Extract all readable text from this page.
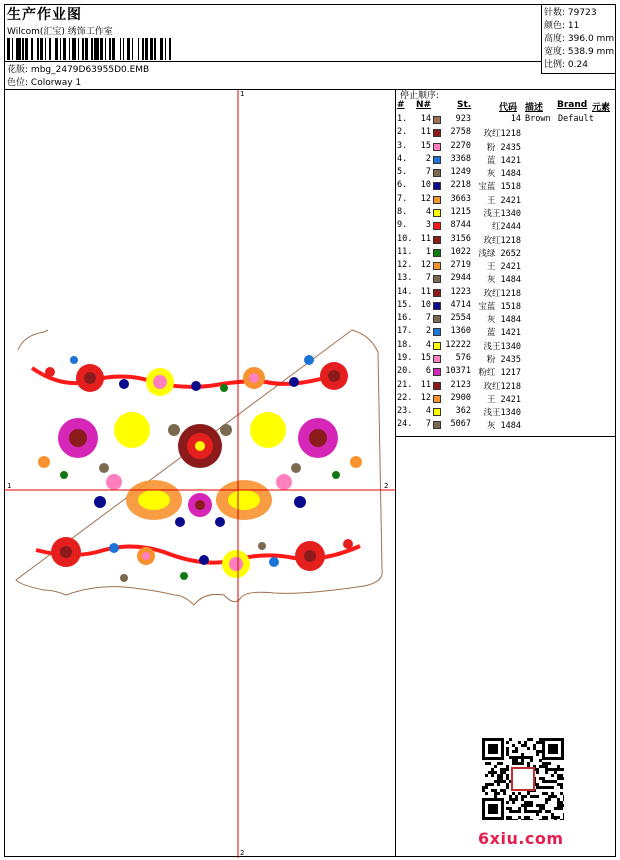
生产作业图
Wilcom(汇宝) 绣饰工作室
花版: mbg_2479D63955D0.EMB
色位: Colorway 1
针数: 79723
颜色: 11
高度: 396.0 mm
宽度: 538.9 mm
比例: 0.24
1
1	2
2
停止顺序:
# N#	St.	代码 描述 Brand 元素
1.	14	923	14 Brown Default
2.	11	2758	玫红1218
3.	15	2270	粉 2435
4.	2	3368	蓝 1421
5.	7	1249	灰 1484
6.	10	2218 宝蓝 1518
7.	12	3663	王 2421
8.	4	1215	浅王1340
9.	3	8744	红2444
10. 11	3156	玫红1218
11.	1	1022 浅绿 2652
12. 12	2719	王 2421
13.	7	2944	灰 1484
14. 11	1223	玫红1218
15. 10	4714 宝蓝 1518
16.	7	2554	灰 1484
17.	2	1360	蓝 1421
18.	4 12222	浅王1340
19. 15	576	粉 2435
20.	6 10371 粉红 1217
21. 11	2123	玫红1218
22. 12	2900	王 2421
23.	4	362	浅王1340
24.	7	5067	灰 1484
6xiu.com
